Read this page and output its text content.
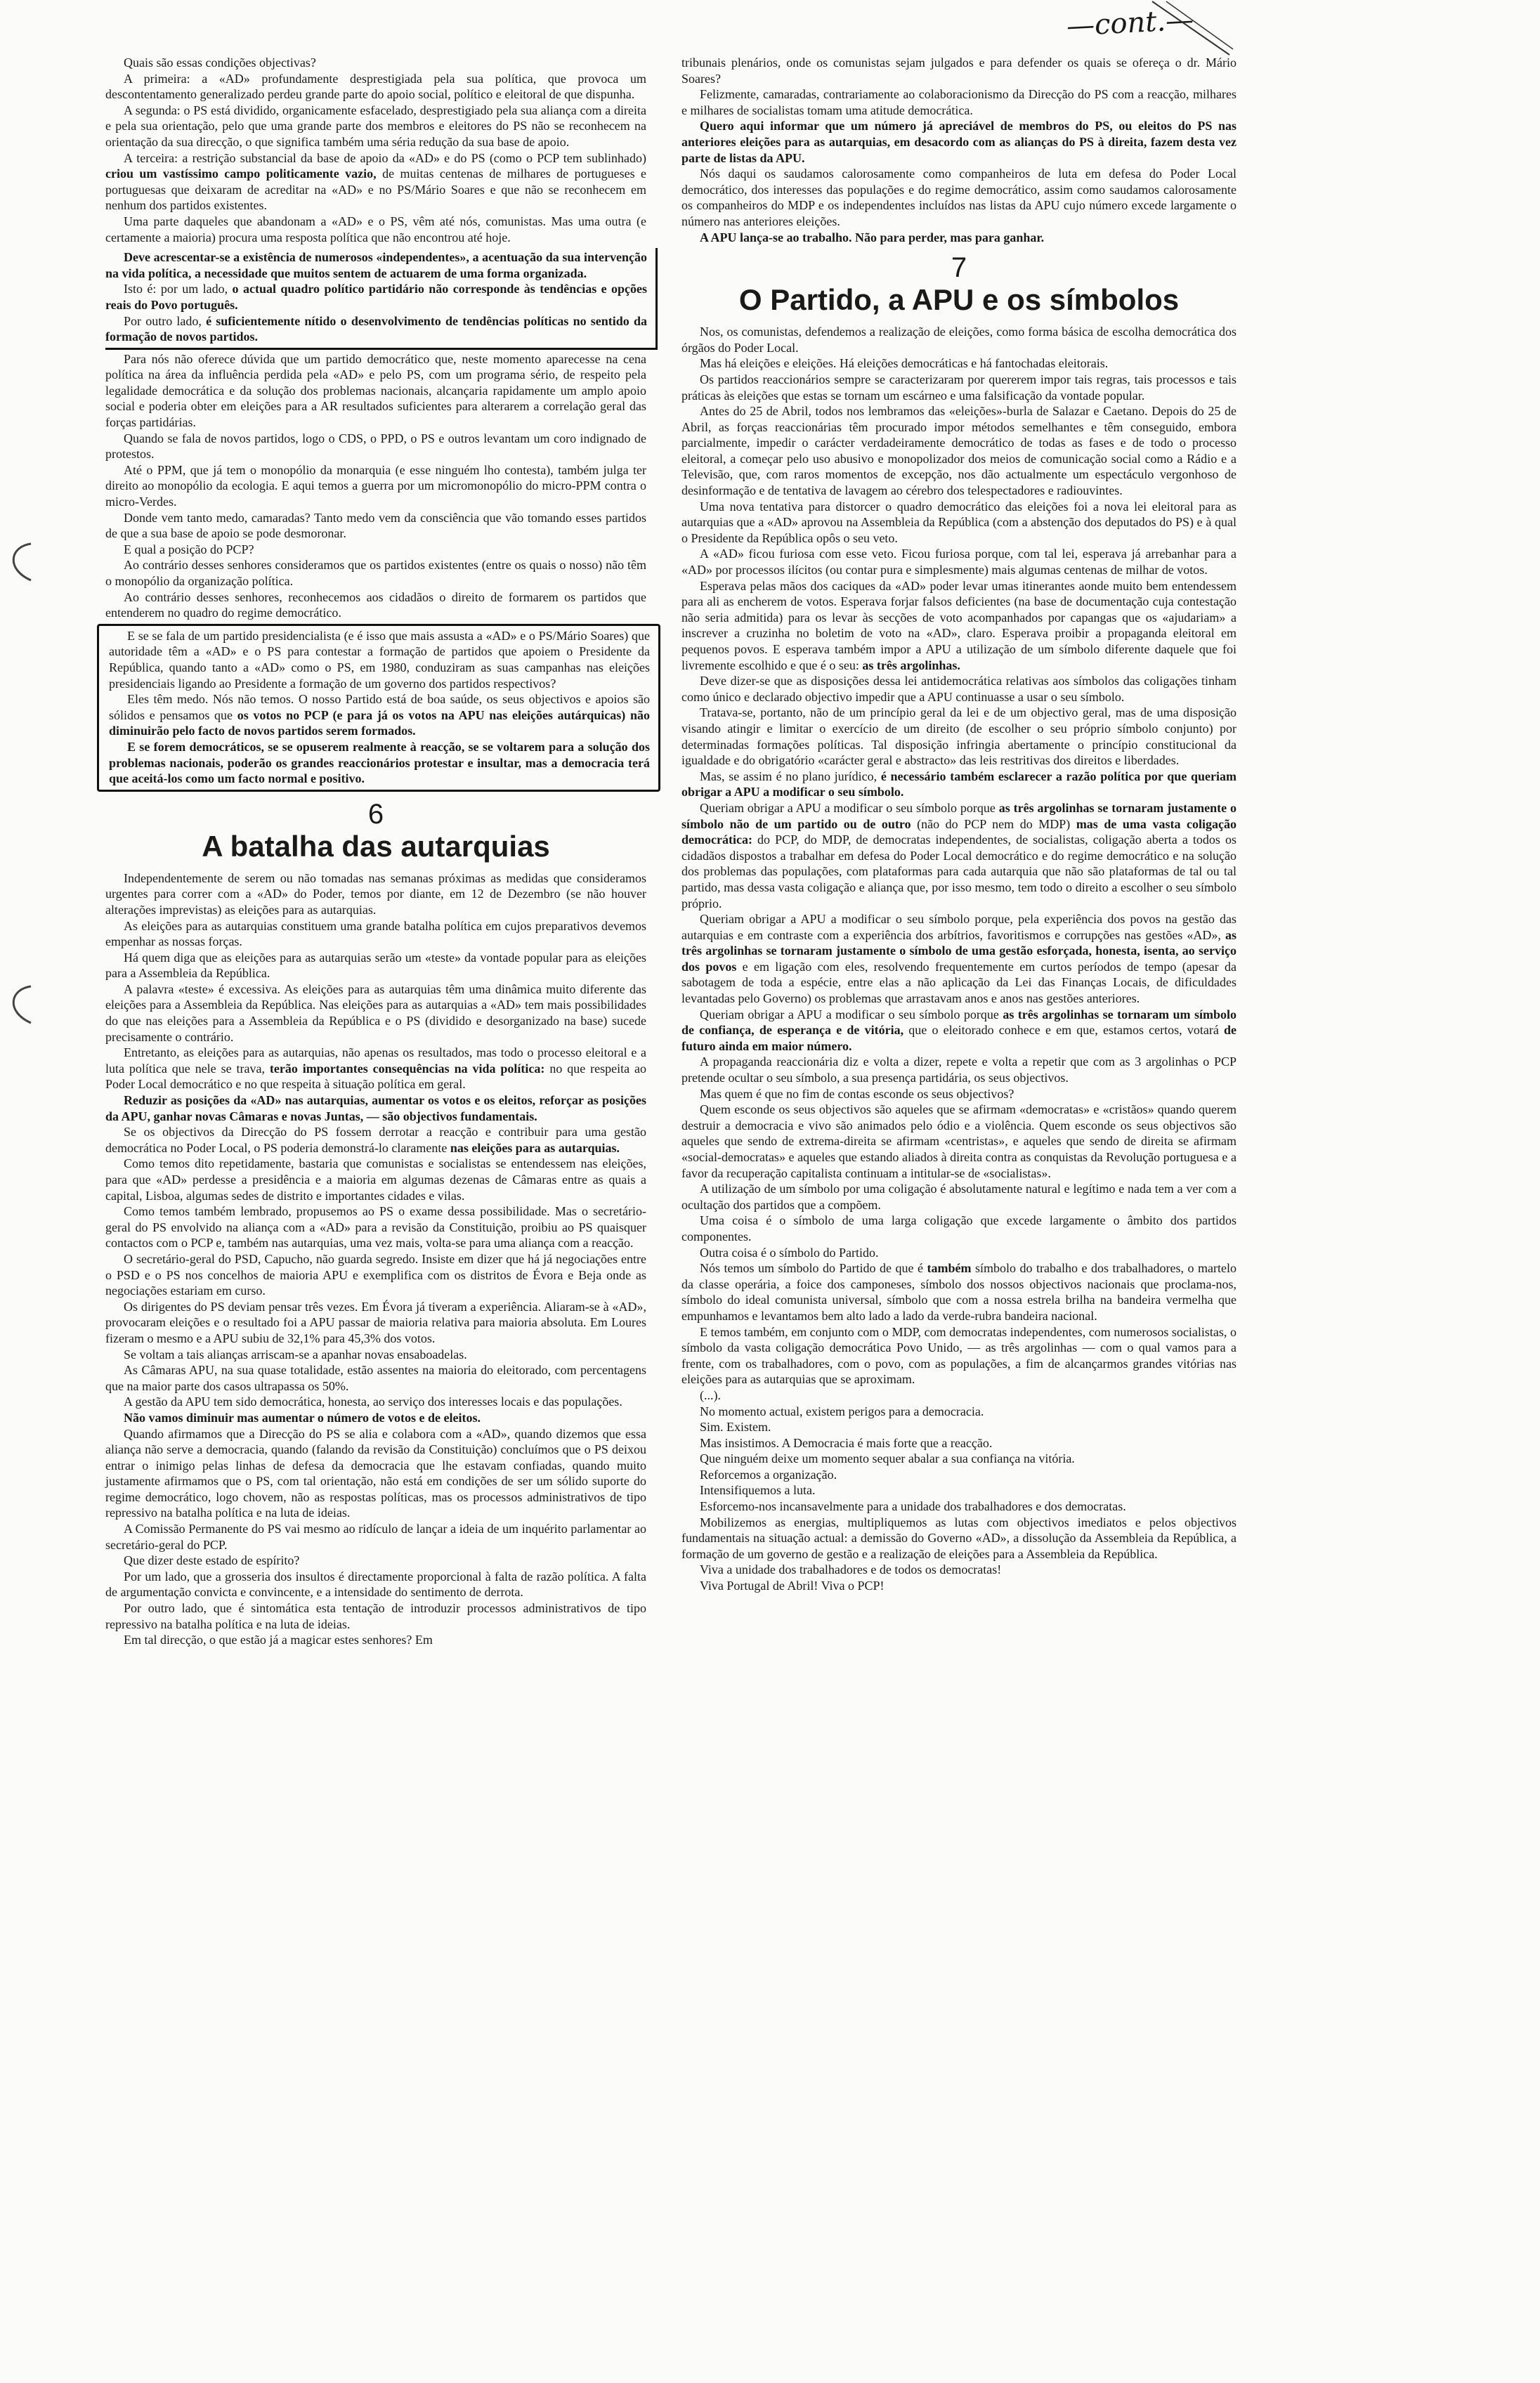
—cont.—

Quais são essas condições objectivas?

A primeira: a «AD» profundamente desprestigiada pela sua política, que provoca um descontentamento generalizado perdeu grande parte do apoio social, político e eleitoral de que dispunha.

A segunda: o PS está dividido, organicamente esfacelado, desprestigiado pela sua aliança com a direita e pela sua orientação, pelo que uma grande parte dos membros e eleitores do PS não se reconhecem na orientação da sua direcção, o que significa também uma séria redução da sua base de apoio.

A terceira: a restrição substancial da base de apoio da «AD» e do PS (como o PCP tem sublinhado) criou um vastíssimo campo politicamente vazio, de muitas centenas de milhares de portugueses e portuguesas que deixaram de acreditar na «AD» e no PS/Mário Soares e que não se reconhecem em nenhum dos partidos existentes.

Uma parte daqueles que abandonam a «AD» e o PS, vêm até nós, comunistas. Mas uma outra (e certamente a maioria) procura uma resposta política que não encontrou até hoje.

Deve acrescentar-se a existência de numerosos «independentes», a acentuação da sua intervenção na vida política, a necessidade que muitos sentem de actuarem de uma forma organizada.

Isto é: por um lado, o actual quadro político partidário não corresponde às tendências e opções reais do Povo português.

Por outro lado, é suficientemente nítido o desenvolvimento de tendências políticas no sentido da formação de novos partidos.

Para nós não oferece dúvida que um partido democrático que, neste momento aparecesse na cena política na área da influência perdida pela «AD» e pelo PS, com um programa sério, de respeito pela legalidade democrática e da solução dos problemas nacionais, alcançaria rapidamente um amplo apoio social e poderia obter em eleições para a AR resultados suficientes para alterarem a correlação geral das forças partidárias.

Quando se fala de novos partidos, logo o CDS, o PPD, o PS e outros levantam um coro indignado de protestos.

Até o PPM, que já tem o monopólio da monarquia (e esse ninguém lho contesta), também julga ter direito ao monopólio da ecologia. E aqui temos a guerra por um micromonopólio do micro-PPM contra o micro-Verdes.

Donde vem tanto medo, camaradas? Tanto medo vem da consciência que vão tomando esses partidos de que a sua base de apoio se pode desmoronar.

E qual a posição do PCP?

Ao contrário desses senhores consideramos que os partidos existentes (entre os quais o nosso) não têm o monopólio da organização política.

Ao contrário desses senhores, reconhecemos aos cidadãos o direito de formarem os partidos que entenderem no quadro do regime democrático.

E se se fala de um partido presidencialista (e é isso que mais assusta a «AD» e o PS/Mário Soares) que autoridade têm a «AD» e o PS para contestar a formação de partidos que apoiem o Presidente da República, quando tanto a «AD» como o PS, em 1980, conduziram as suas campanhas nas eleições presidenciais ligando ao Presidente a formação de um governo dos partidos respectivos?

Eles têm medo. Nós não temos. O nosso Partido está de boa saúde, os seus objectivos e apoios são sólidos e pensamos que os votos no PCP (e para já os votos na APU nas eleições autárquicas) não diminuirão pelo facto de novos partidos serem formados.

E se forem democráticos, se se opuserem realmente à reacção, se se voltarem para a solução dos problemas nacionais, poderão os grandes reaccionários protestar e insultar, mas a democracia terá que aceitá-los como um facto normal e positivo.

6
A batalha das autarquias

Independentemente de serem ou não tomadas nas semanas próximas as medidas que consideramos urgentes para correr com a «AD» do Poder, temos por diante, em 12 de Dezembro (se não houver alterações imprevistas) as eleições para as autarquias.

As eleições para as autarquias constituem uma grande batalha política em cujos preparativos devemos empenhar as nossas forças.

Há quem diga que as eleições para as autarquias serão um «teste» da vontade popular para as eleições para a Assembleia da República.

A palavra «teste» é excessiva. As eleições para as autarquias têm uma dinâmica muito diferente das eleições para a Assembleia da República. Nas eleições para as autarquias a «AD» tem mais possibilidades do que nas eleições para a Assembleia da República e o PS (dividido e desorganizado na base) sucede precisamente o contrário.

Entretanto, as eleições para as autarquias, não apenas os resultados, mas todo o processo eleitoral e a luta política que nele se trava, terão importantes consequências na vida política: no que respeita ao Poder Local democrático e no que respeita à situação política em geral.

Reduzir as posições da «AD» nas autarquias, aumentar os votos e os eleitos, reforçar as posições da APU, ganhar novas Câmaras e novas Juntas, — são objectivos fundamentais.

Se os objectivos da Direcção do PS fossem derrotar a reacção e contribuir para uma gestão democrática no Poder Local, o PS poderia demonstrá-lo claramente nas eleições para as autarquias.

Como temos dito repetidamente, bastaria que comunistas e socialistas se entendessem nas eleições, para que «AD» perdesse a presidência e a maioria em algumas dezenas de Câmaras entre as quais a capital, Lisboa, algumas sedes de distrito e importantes cidades e vilas.

Como temos também lembrado, propusemos ao PS o exame dessa possibilidade. Mas o secretário-geral do PS envolvido na aliança com a «AD» para a revisão da Constituição, proibiu ao PS quaisquer contactos com o PCP e, também nas autarquias, uma vez mais, volta-se para uma aliança com a reacção.

O secretário-geral do PSD, Capucho, não guarda segredo. Insiste em dizer que há já negociações entre o PSD e o PS nos concelhos de maioria APU e exemplifica com os distritos de Évora e Beja onde as negociações estariam em curso.

Os dirigentes do PS deviam pensar três vezes. Em Évora já tiveram a experiência. Aliaram-se à «AD», provocaram eleições e o resultado foi a APU passar de maioria relativa para maioria absoluta. Em Loures fizeram o mesmo e a APU subiu de 32,1% para 45,3% dos votos.

Se voltam a tais alianças arriscam-se a apanhar novas ensaboadelas.

As Câmaras APU, na sua quase totalidade, estão assentes na maioria do eleitorado, com percentagens que na maior parte dos casos ultrapassa os 50%.

A gestão da APU tem sido democrática, honesta, ao serviço dos interesses locais e das populações.

Não vamos diminuir mas aumentar o número de votos e de eleitos.

Quando afirmamos que a Direcção do PS se alia e colabora com a «AD», quando dizemos que essa aliança não serve a democracia, quando (falando da revisão da Constituição) concluímos que o PS deixou entrar o inimigo pelas linhas de defesa da democracia que lhe estavam confiadas, quando muito justamente afirmamos que o PS, com tal orientação, não está em condições de ser um sólido suporte do regime democrático, logo chovem, não as respostas políticas, mas os processos administrativos de tipo repressivo na batalha política e na luta de ideias.

A Comissão Permanente do PS vai mesmo ao ridículo de lançar a ideia de um inquérito parlamentar ao secretário-geral do PCP.

Que dizer deste estado de espírito?

Por um lado, que a grosseria dos insultos é directamente proporcional à falta de razão política. A falta de argumentação convicta e convincente, e a intensidade do sentimento de derrota.

Por outro lado, que é sintomática esta tentação de introduzir processos administrativos de tipo repressivo na batalha política e na luta de ideias.

Em tal direcção, o que estão já a magicar estes senhores? Em

tribunais plenários, onde os comunistas sejam julgados e para defender os quais se ofereça o dr. Mário Soares?

Felizmente, camaradas, contrariamente ao colaboracionismo da Direcção do PS com a reacção, milhares e milhares de socialistas tomam uma atitude democrática.

Quero aqui informar que um número já apreciável de membros do PS, ou eleitos do PS nas anteriores eleições para as autarquias, em desacordo com as alianças do PS à direita, fazem desta vez parte de listas da APU.

Nós daqui os saudamos calorosamente como companheiros de luta em defesa do Poder Local democrático, dos interesses das populações e do regime democrático, assim como saudamos calorosamente os companheiros do MDP e os independentes incluídos nas listas da APU cujo número excede largamente o número nas anteriores eleições.

A APU lança-se ao trabalho. Não para perder, mas para ganhar.

7
O Partido, a APU e os símbolos

Nos, os comunistas, defendemos a realização de eleições, como forma básica de escolha democrática dos órgãos do Poder Local.

Mas há eleições e eleições. Há eleições democráticas e há fantochadas eleitorais.

Os partidos reaccionários sempre se caracterizaram por quererem impor tais regras, tais processos e tais práticas às eleições que estas se tornam um escárneo e uma falsificação da vontade popular.

Antes do 25 de Abril, todos nos lembramos das «eleições»-burla de Salazar e Caetano. Depois do 25 de Abril, as forças reaccionárias têm procurado impor métodos semelhantes e têm conseguido, embora parcialmente, impedir o carácter verdadeiramente democrático de todas as fases e de todo o processo eleitoral, a começar pelo uso abusivo e monopolizador dos meios de comunicação social como a Rádio e a Televisão, que, com raros momentos de excepção, nos dão actualmente um espectáculo vergonhoso de desinformação e de tentativa de lavagem ao cérebro dos telespectadores e radiouvintes.

Uma nova tentativa para distorcer o quadro democrático das eleições foi a nova lei eleitoral para as autarquias que a «AD» aprovou na Assembleia da República (com a abstenção dos deputados do PS) e à qual o Presidente da República opôs o seu veto.

A «AD» ficou furiosa com esse veto. Ficou furiosa porque, com tal lei, esperava já arrebanhar para a «AD» por processos ilícitos (ou contar pura e simplesmente) mais algumas centenas de milhar de votos.

Esperava pelas mãos dos caciques da «AD» poder levar umas itinerantes aonde muito bem entendessem para ali as encherem de votos. Esperava forjar falsos deficientes (na base de documentação cuja contestação não seria admitida) para os levar às secções de voto acompanhados por capangas que os «ajudariam» a inscrever a cruzinha no boletim de voto na «AD», claro. Esperava proibir a propaganda eleitoral em pequenos povos. E esperava também impor a APU a utilização de um símbolo diferente daquele que foi livremente escolhido e que é o seu: as três argolinhas.

Deve dizer-se que as disposições dessa lei antidemocrática relativas aos símbolos das coligações tinham como único e declarado objectivo impedir que a APU continuasse a usar o seu símbolo.

Tratava-se, portanto, não de um princípio geral da lei e de um objectivo geral, mas de uma disposição visando atingir e limitar o exercício de um direito (de escolher o seu próprio símbolo conjunto) por determinadas formações políticas. Tal disposição infringia abertamente o princípio constitucional da igualdade e do obrigatório «carácter geral e abstracto» das leis restritivas dos direitos e liberdades.

Mas, se assim é no plano jurídico, é necessário também esclarecer a razão política por que queriam obrigar a APU a modificar o seu símbolo.

Queriam obrigar a APU a modificar o seu símbolo porque as três argolinhas se tornaram justamente o símbolo não de um partido ou de outro (não do PCP nem do MDP) mas de uma vasta coligação democrática: do PCP, do MDP, de democratas independentes, de socialistas, coligação aberta a todos os cidadãos dispostos a trabalhar em defesa do Poder Local democrático e do regime democrático e na solução dos problemas das populações, com plataformas para cada autarquia que não são plataformas de tal ou tal partido, mas dessa vasta coligação e aliança que, por isso mesmo, tem todo o direito a escolher o seu símbolo próprio.

Queriam obrigar a APU a modificar o seu símbolo porque, pela experiência dos povos na gestão das autarquias e em contraste com a experiência dos arbítrios, favoritismos e corrupções nas gestões «AD», as três argolinhas se tornaram justamente o símbolo de uma gestão esforçada, honesta, isenta, ao serviço dos povos e em ligação com eles, resolvendo frequentemente em curtos períodos de tempo (apesar da sabotagem de toda a espécie, entre elas a não aplicação da Lei das Finanças Locais, de dificuldades levantadas pelo Governo) os problemas que arrastavam anos e anos nas gestões anteriores.

Queriam obrigar a APU a modificar o seu símbolo porque as três argolinhas se tornaram um símbolo de confiança, de esperança e de vitória, que o eleitorado conhece e em que, estamos certos, votará de futuro ainda em maior número.

A propaganda reaccionária diz e volta a dizer, repete e volta a repetir que com as 3 argolinhas o PCP pretende ocultar o seu símbolo, a sua presença partidária, os seus objectivos.

Mas quem é que no fim de contas esconde os seus objectivos?

Quem esconde os seus objectivos são aqueles que se afirmam «democratas» e «cristãos» quando querem destruir a democracia e vivo são animados pelo ódio e a violência. Quem esconde os seus objectivos são aqueles que sendo de extrema-direita se afirmam «centristas», e aqueles que sendo de direita se afirmam «social-democratas» e aqueles que estando aliados à direita contra as conquistas da Revolução portuguesa e a favor da recuperação capitalista continuam a intitular-se de «socialistas».

A utilização de um símbolo por uma coligação é absolutamente natural e legítimo e nada tem a ver com a ocultação dos partidos que a compõem.

Uma coisa é o símbolo de uma larga coligação que excede largamente o âmbito dos partidos componentes.

Outra coisa é o símbolo do Partido.

Nós temos um símbolo do Partido de que é também símbolo do trabalho e dos trabalhadores, o martelo da classe operária, a foice dos camponeses, símbolo dos nossos objectivos nacionais que proclama-nos, símbolo do ideal comunista universal, símbolo que com a nossa estrela brilha na bandeira vermelha que empunhamos e levantamos bem alto lado a lado da verde-rubra bandeira nacional.

E temos também, em conjunto com o MDP, com democratas independentes, com numerosos socialistas, o símbolo da vasta coligação democrática Povo Unido, — as três argolinhas — com o qual vamos para a frente, com os trabalhadores, com o povo, com as populações, a fim de alcançarmos grandes vitórias nas eleições para as autarquias que se aproximam.

(...).

No momento actual, existem perigos para a democracia.

Sim. Existem.

Mas insistimos. A Democracia é mais forte que a reacção.

Que ninguém deixe um momento sequer abalar a sua confiança na vitória.

Reforcemos a organização.

Intensifiquemos a luta.

Esforcemo-nos incansavelmente para a unidade dos trabalhadores e dos democratas.

Mobilizemos as energias, multipliquemos as lutas com objectivos imediatos e pelos objectivos fundamentais na situação actual: a demissão do Governo «AD», a dissolução da Assembleia da República, a formação de um governo de gestão e a realização de eleições para a Assembleia da República.

Viva a unidade dos trabalhadores e de todos os democratas!

Viva Portugal de Abril! Viva o PCP!
